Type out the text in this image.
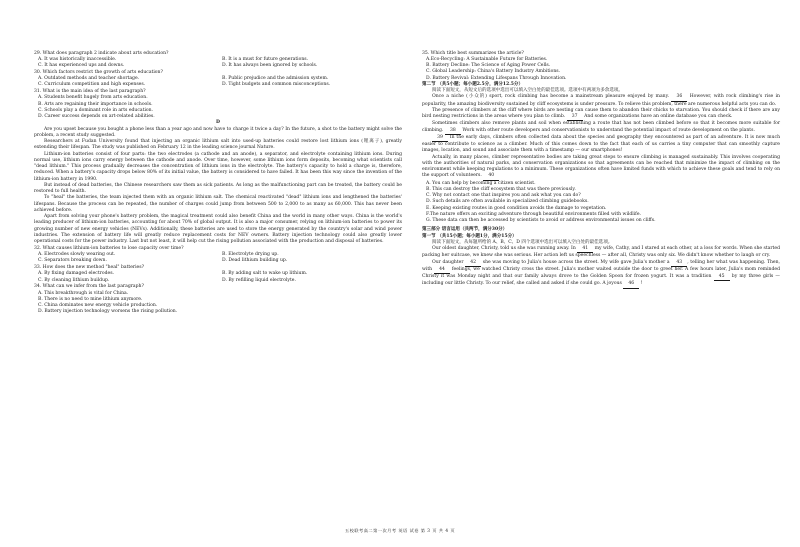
29. What does paragraph 2 indicate about arts education?
A. It was historically inaccessible.	B. It is a must for future generations.
C. It has experienced ups and downs.	D. It has always been ignored by schools.
30. Which factors restrict the growth of arts education?
A. Outdated methods and teacher shortage.	B. Public prejudice and the admission system.
C. Curriculum competition and high expenses.	D. Tight budgets and common misconceptions.
31. What is the main idea of the last paragraph?
A. Students benefit hugely from arts education.
B. Arts are regaining their importance in schools.
C. Schools play a dominant role in arts education.
D. Career success depends on art-related abilities.
D

Are you upset because you bought a phone less than a year ago and now have to charge it twice a day? In the future, a shot to the battery might solve the problem, a recent study suggested.

Researchers at Fudan University found that injecting an organic lithium salt into used-up batteries could restore lost lithium ions (锂离子), greatly extending their lifespan. The study was published on February 12 in the leading science journal Nature.

Lithium-ion batteries consist of four parts: the two electrodes (a cathode and an anode), a separator, and electrolyte containing lithium ions. During normal use, lithium ions carry energy between the cathode and anode. Over time, however, some lithium ions form deposits, becoming what scientists call "dead lithium." This process gradually decreases the concentration of lithium ions in the electrolyte. The battery's capacity to hold a charge is, therefore, reduced. When a battery's capacity drops below 80% of its initial value, the battery is considered to have failed. It has been this way since the invention of the lithium-ion battery in 1990.

But instead of dead batteries, the Chinese researchers saw them as sick patients. As long as the malfunctioning part can be treated, the battery could be restored to full health.

To "heal" the batteries, the team injected them with an organic lithium salt. The chemical reactivated "dead" lithium ions and lengthened the batteries' lifespans. Because the process can be repeated, the number of charges could jump from between 500 to 2,000 to as many as 60,000. This has never been achieved before.

Apart from solving your phone's battery problem, the magical treatment could also benefit China and the world in many other ways. China is the world's leading producer of lithium-ion batteries, accounting for about 70% of global output. It is also a major consumer, relying on lithium-ion batteries to power its growing number of new energy vehicles (NEVs). Additionally, these batteries are used to store the energy generated by the country's solar and wind power industries. The extension of battery life will greatly reduce replacement costs for NEV owners. Battery injection technology could also greatly lower operational costs for the power industry. Last but not least, it will help cut the rising pollution associated with the production and disposal of batteries.

32. What causes lithium-ion batteries to lose capacity over time?
A. Electrodes slowly wearing out.	B. Electrolyte drying up.
C. Separators breaking down.	D. Dead lithium building up.
33. How does the new method "heal" batteries?
A. By fixing damaged electrodes.	B. By adding salt to wake up lithium.
C. By cleaning lithium buildup.	D. By refilling liquid electrolyte.
34. What can we infer from the last paragraph?
A. This breakthrough is vital for China.
B. There is no need to mine lithium anymore.
C. China dominates new energy vehicle production.
D. Battery injection technology worsens the rising pollution.
35. Which title best summarizes the article?
A.Eco-Recycling: A Sustainable Future for Batteries.
B. Battery Decline: The Science of Aging Power Cells.
C. Global Leadership: China's Battery Industry Ambitions.
D. Battery Revival: Extending Lifespans Through Innovation.
第二节 （共5小题；每小题2.5分，满分12.5分）

阅读下面短文，从短文后的选项中选出可以填入空白处的最佳选项。选项中有两项为多余选项。

Once a niche (小众的) sport, rock climbing has become a mainstream pleasure enjoyed by many. 36 However, with rock climbing's rise in popularity, the amazing biodiversity sustained by cliff ecosystems is under pressure. To relieve this problem, there are numerous helpful acts you can do.

The presence of climbers at the cliff where birds are nesting can cause them to abandon their chicks to starvation. You should check if there are any bird nesting restrictions in the areas where you plan to climb. 37 And some organizations have an online database you can check.

Sometimes climbers also remove plants and soil when establishing a route that has not been climbed before so that it becomes more suitable for climbing. 38 Work with other route developers and conservationists to understand the potential impact of route development on the plants.

39 In the early days, climbers often collected data about the species and geography they encountered as part of an adventure. It is now much easier to contribute to science as a climber. Much of this comes down to the fact that each of us carries a tiny computer that can smoothly capture images, location, and sound and associate them with a timestamp — our smartphones!

Actually, in many places, climber representative bodies are taking great steps to ensure climbing is managed sustainably. This involves cooperating with the authorities of natural parks, and conservation organizations so that agreements can be reached that minimize the impact of climbing on the environment while keeping regulations to a minimum. These organizations often have limited funds with which to achieve these goals and tend to rely on the support of volunteers. 40

A. You can help by becoming a citizen scientist.
B. This can destroy the cliff ecosystem that was there previously.
C. Why not contact one that inspires you and ask what you can do?
D. Such details are often available in specialized climbing guidebooks.
E. Keeping existing routes in good condition avoids the damage to vegetation.
F.The nature offers an exciting adventure through beautiful environments filled with wildlife.
G. These data can then be accessed by scientists to avoid or address environmental issues on cliffs.
第三部分 语言运用（共两节，满分30分）
第一节 （共15小题；每小题1分，满分15分）

阅读下面短文，从每题所给的 A、B、C、D 四个选项中选出可以填入空白处的最佳选项。

Our oldest daughter, Christy, told us she was running away. In 41 my wife, Cathy, and I stared at each other, at a loss for words. When she started packing her suitcase, we knew she was serious. Her action left us speechless — after all, Christy was only six. We didn't know whether to laugh or cry.

Our daughter 42 she was moving to Julia's house across the street. My wife gave Julia's mother a 43 , telling her what was happening. Then, with 44 feelings, we watched Christy cross the street. Julia's mother waited outside the door to greet her. A few hours later, Julia's mom reminded Christy it was Monday night and that our family always drove to the Golden Spoon for frozen yogurt. It was a tradition 45 by my three girls —including our little Christy. To our relief, she called and asked if she could go. A joyous 46 !

五校联考高二第一次月考 英语 试卷 第 3 页 共 4 页
